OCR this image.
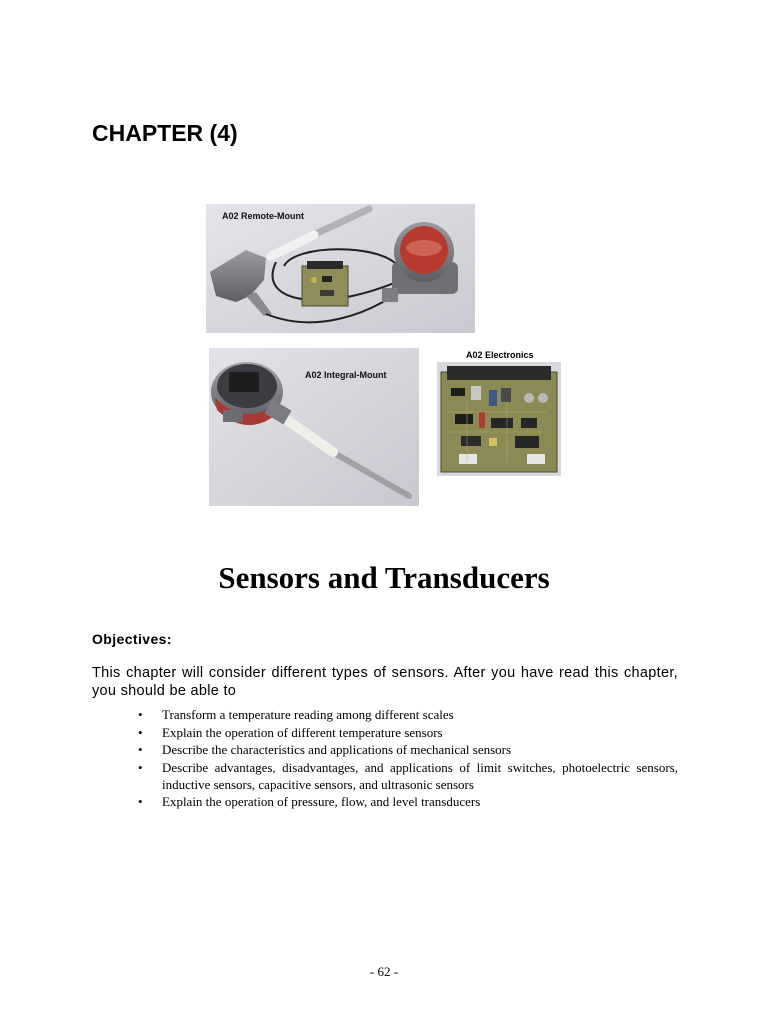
CHAPTER (4)
A02 Remote-Mount
A02 Integral-Mount
A02 Electronics
Sensors and Transducers
Objectives:

This chapter will consider different types of sensors. After you have read this chapter, you should be able to

• Transform a temperature reading among different scales
• Explain the operation of different temperature sensors
• Describe the characteristics and applications of mechanical sensors
• Describe advantages, disadvantages, and applications of limit switches, photoelectric sensors, inductive sensors, capacitive sensors, and ultrasonic sensors
• Explain the operation of pressure, flow, and level transducers
- 62 -
